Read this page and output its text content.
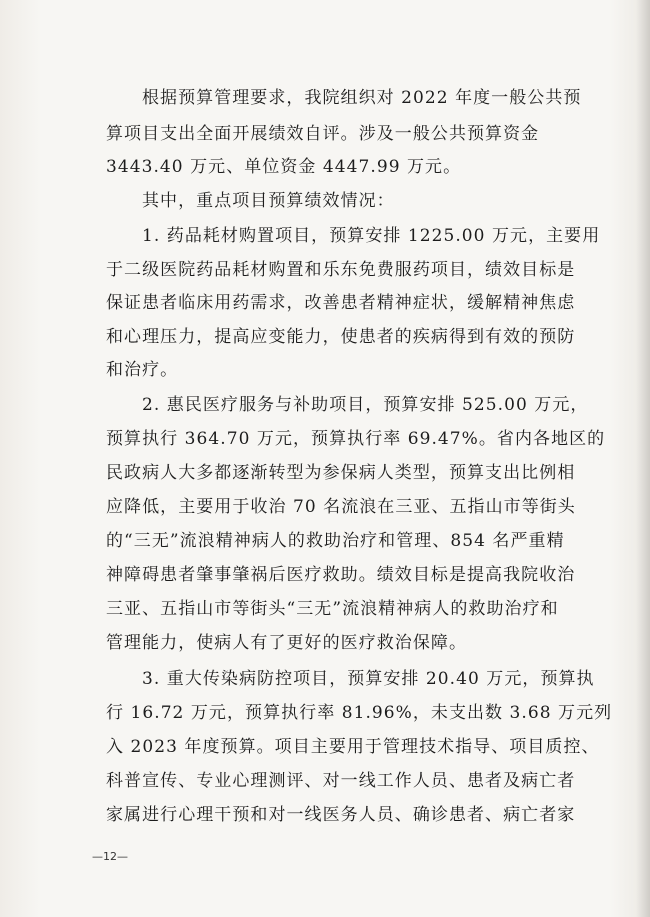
根据预算管理要求，我院组织对 2022 年度一般公共预
算项目支出全面开展绩效自评。涉及一般公共预算资金
3443.40 万元、单位资金 4447.99 万元。
其中，重点项目预算绩效情况：
1. 药品耗材购置项目，预算安排 1225.00 万元，主要用
于二级医院药品耗材购置和乐东免费服药项目，绩效目标是
保证患者临床用药需求，改善患者精神症状，缓解精神焦虑
和心理压力，提高应变能力，使患者的疾病得到有效的预防
和治疗。
2. 惠民医疗服务与补助项目，预算安排 525.00 万元，
预算执行 364.70 万元，预算执行率 69.47%。省内各地区的
民政病人大多都逐渐转型为参保病人类型，预算支出比例相
应降低，主要用于收治 70 名流浪在三亚、五指山市等街头
的“三无”流浪精神病人的救助治疗和管理、854 名严重精
神障碍患者肇事肇祸后医疗救助。绩效目标是提高我院收治
三亚、五指山市等街头“三无”流浪精神病人的救助治疗和
管理能力，使病人有了更好的医疗救治保障。
3. 重大传染病防控项目，预算安排 20.40 万元，预算执
行 16.72 万元，预算执行率 81.96%，未支出数 3.68 万元列
入 2023 年度预算。项目主要用于管理技术指导、项目质控、
科普宣传、专业心理测评、对一线工作人员、患者及病亡者
家属进行心理干预和对一线医务人员、确诊患者、病亡者家
—12—
